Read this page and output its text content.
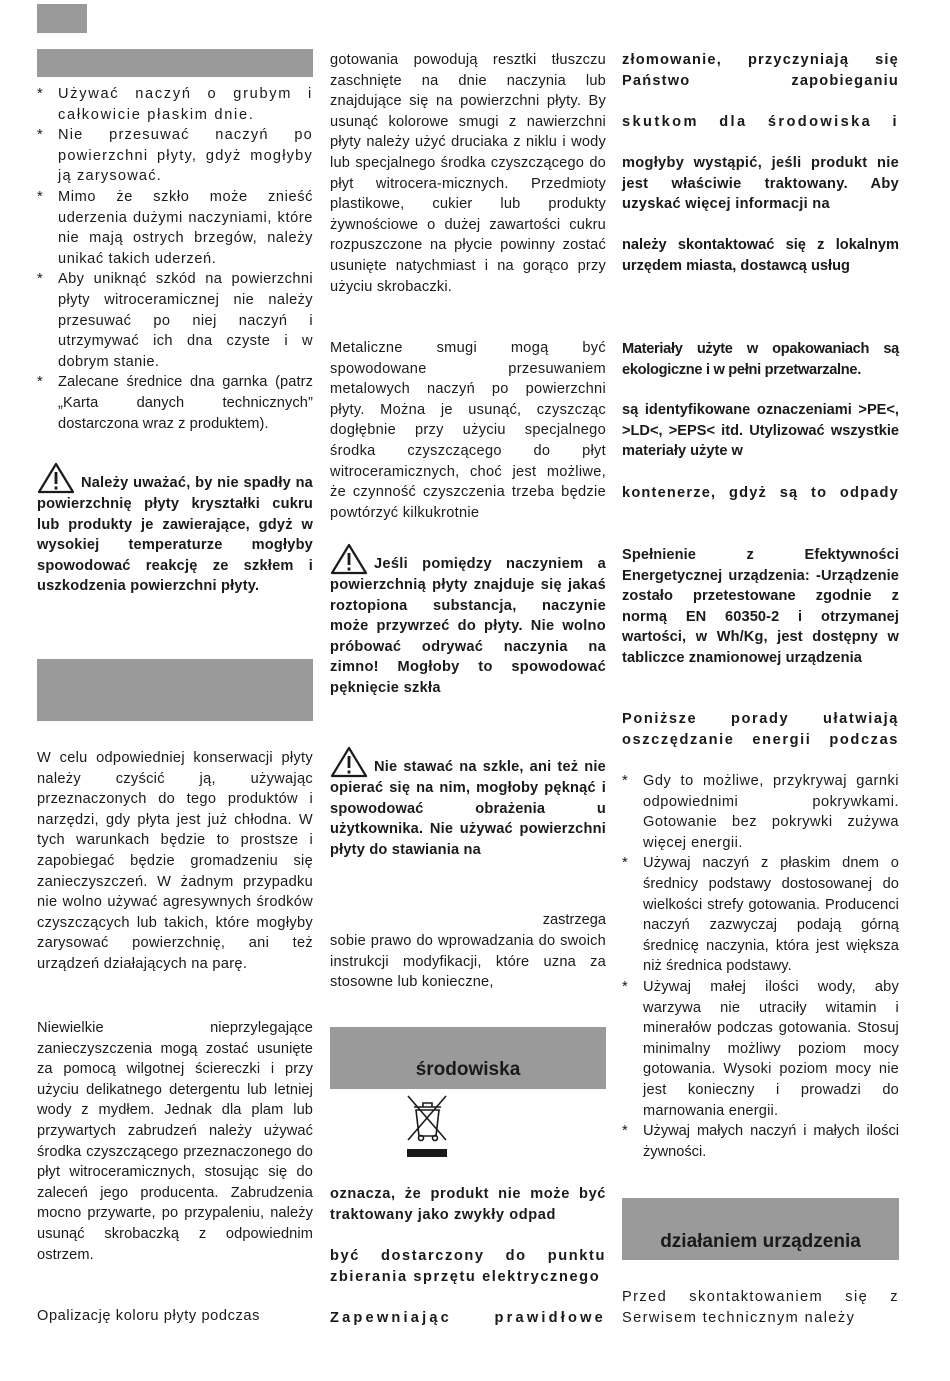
* Używać naczyń o grubym i całkowicie płaskim dnie.
* Nie przesuwać naczyń po powierzchni płyty, gdyż mogłyby ją zarysować.
* Mimo że szkło może znieść uderzenia dużymi naczyniami, które nie mają ostrych brzegów, należy unikać takich uderzeń.
* Aby uniknąć szkód na powierzchni płyty witroceramicznej nie należy przesuwać po niej naczyń i utrzymywać ich dna czyste i w dobrym stanie.
* Zalecane średnice dna garnka (patrz „Karta danych technicznych” dostarczona wraz z produktem).

Należy uważać, by nie spadły na powierzchnię płyty kryształki cukru lub produkty je zawierające, gdyż w wysokiej temperaturze mogłyby spowodować reakcję ze szkłem i uszkodzenia powierzchni płyty.

W celu odpowiedniej konserwacji płyty należy czyścić ją, używając przeznaczonych do tego produktów i narzędzi, gdy płyta jest już chłodna. W tych warunkach będzie to prostsze i zapobiegać będzie gromadzeniu się zanieczyszczeń. W żadnym przypadku nie wolno używać agresywnych środków czyszczących lub takich, które mogłyby zarysować powierzchnię, ani też urządzeń działających na parę.

Niewielkie nieprzylegające zanieczyszczenia mogą zostać usunięte za pomocą wilgotnej ściereczki i przy użyciu delikatnego detergentu lub letniej wody z mydłem. Jednak dla plam lub przywartych zabrudzeń należy używać środka czyszczącego przeznaczonego do płyt witroceramicznych, stosując się do zaleceń jego producenta. Zabrudzenia mocno przywarte, po przypaleniu, należy usunąć skrobaczką z odpowiednim ostrzem.

Opalizację koloru płyty podczas

gotowania powodują resztki tłuszczu zaschnięte na dnie naczynia lub znajdujące się na powierzchni płyty. By usunąć kolorowe smugi z nawierzchni płyty należy użyć druciaka z niklu i wody lub specjalnego środka czyszczącego do płyt witrocera-micznych. Przedmioty plastikowe, cukier lub produkty żywnościowe o dużej zawartości cukru rozpuszczone na płycie powinny zostać usunięte natychmiast i na gorąco przy użyciu skrobaczki.

Metaliczne smugi mogą być spowodowane przesuwaniem metalowych naczyń po powierzchni płyty. Można je usunąć, czyszcząc dogłębnie przy użyciu specjalnego środka czyszczącego do płyt witroceramicznych, choć jest możliwe, że czynność czyszczenia trzeba będzie powtórzyć kilkukrotnie

Jeśli pomiędzy naczyniem a powierzchnią płyty znajduje się jakaś roztopiona substancja, naczynie może przywrzeć do płyty. Nie wolno próbować odrywać naczynia na zimno! Mogłoby to spowodować pęknięcie szkła

Nie stawać na szkle, ani też nie opierać się na nim, mogłoby pęknąć i spowodować obrażenia u użytkownika. Nie używać powierzchni płyty do stawiania na

zastrzega

sobie prawo do wprowadzania do swoich instrukcji modyfikacji, które uzna za stosowne lub konieczne,

środowiska

oznacza, że produkt nie może być traktowany jako zwykły odpad

być dostarczony do punktu zbierania sprzętu elektrycznego

Zapewniając prawidłowe

złomowanie, przyczyniają się Państwo zapobieganiu

skutkom dla środowiska i

mogłyby wystąpić, jeśli produkt nie jest właściwie traktowany. Aby uzyskać więcej informacji na

należy skontaktować się z lokalnym urzędem miasta, dostawcą usług

Materiały użyte w opakowaniach są ekologiczne i w pełni przetwarzalne.

są identyfikowane oznaczeniami >PE<, >LD<, >EPS< itd. Utylizować wszystkie materiały użyte w

kontenerze, gdyż są to odpady

Spełnienie z Efektywności Energetycznej urządzenia: -Urządzenie zostało przetestowane zgodnie z normą EN 60350-2 i otrzymanej wartości, w Wh/Kg, jest dostępny w tabliczce znamionowej urządzenia

Poniższe porady ułatwiają oszczędzanie energii podczas

* Gdy to możliwe, przykrywaj garnki odpowiednimi pokrywkami. Gotowanie bez pokrywki zużywa więcej energii.
* Używaj naczyń z płaskim dnem o średnicy podstawy dostosowanej do wielkości strefy gotowania. Producenci naczyń zazwyczaj podają górną średnicę naczynia, która jest większa niż średnica podstawy.
* Używaj małej ilości wody, aby warzywa nie utraciły witamin i minerałów podczas gotowania. Stosuj minimalny możliwy poziom mocy gotowania. Wysoki poziom mocy nie jest konieczny i prowadzi do marnowania energii.
* Używaj małych naczyń i małych ilości żywności.
działaniem urządzenia

Przed skontaktowaniem się z Serwisem technicznym należy
